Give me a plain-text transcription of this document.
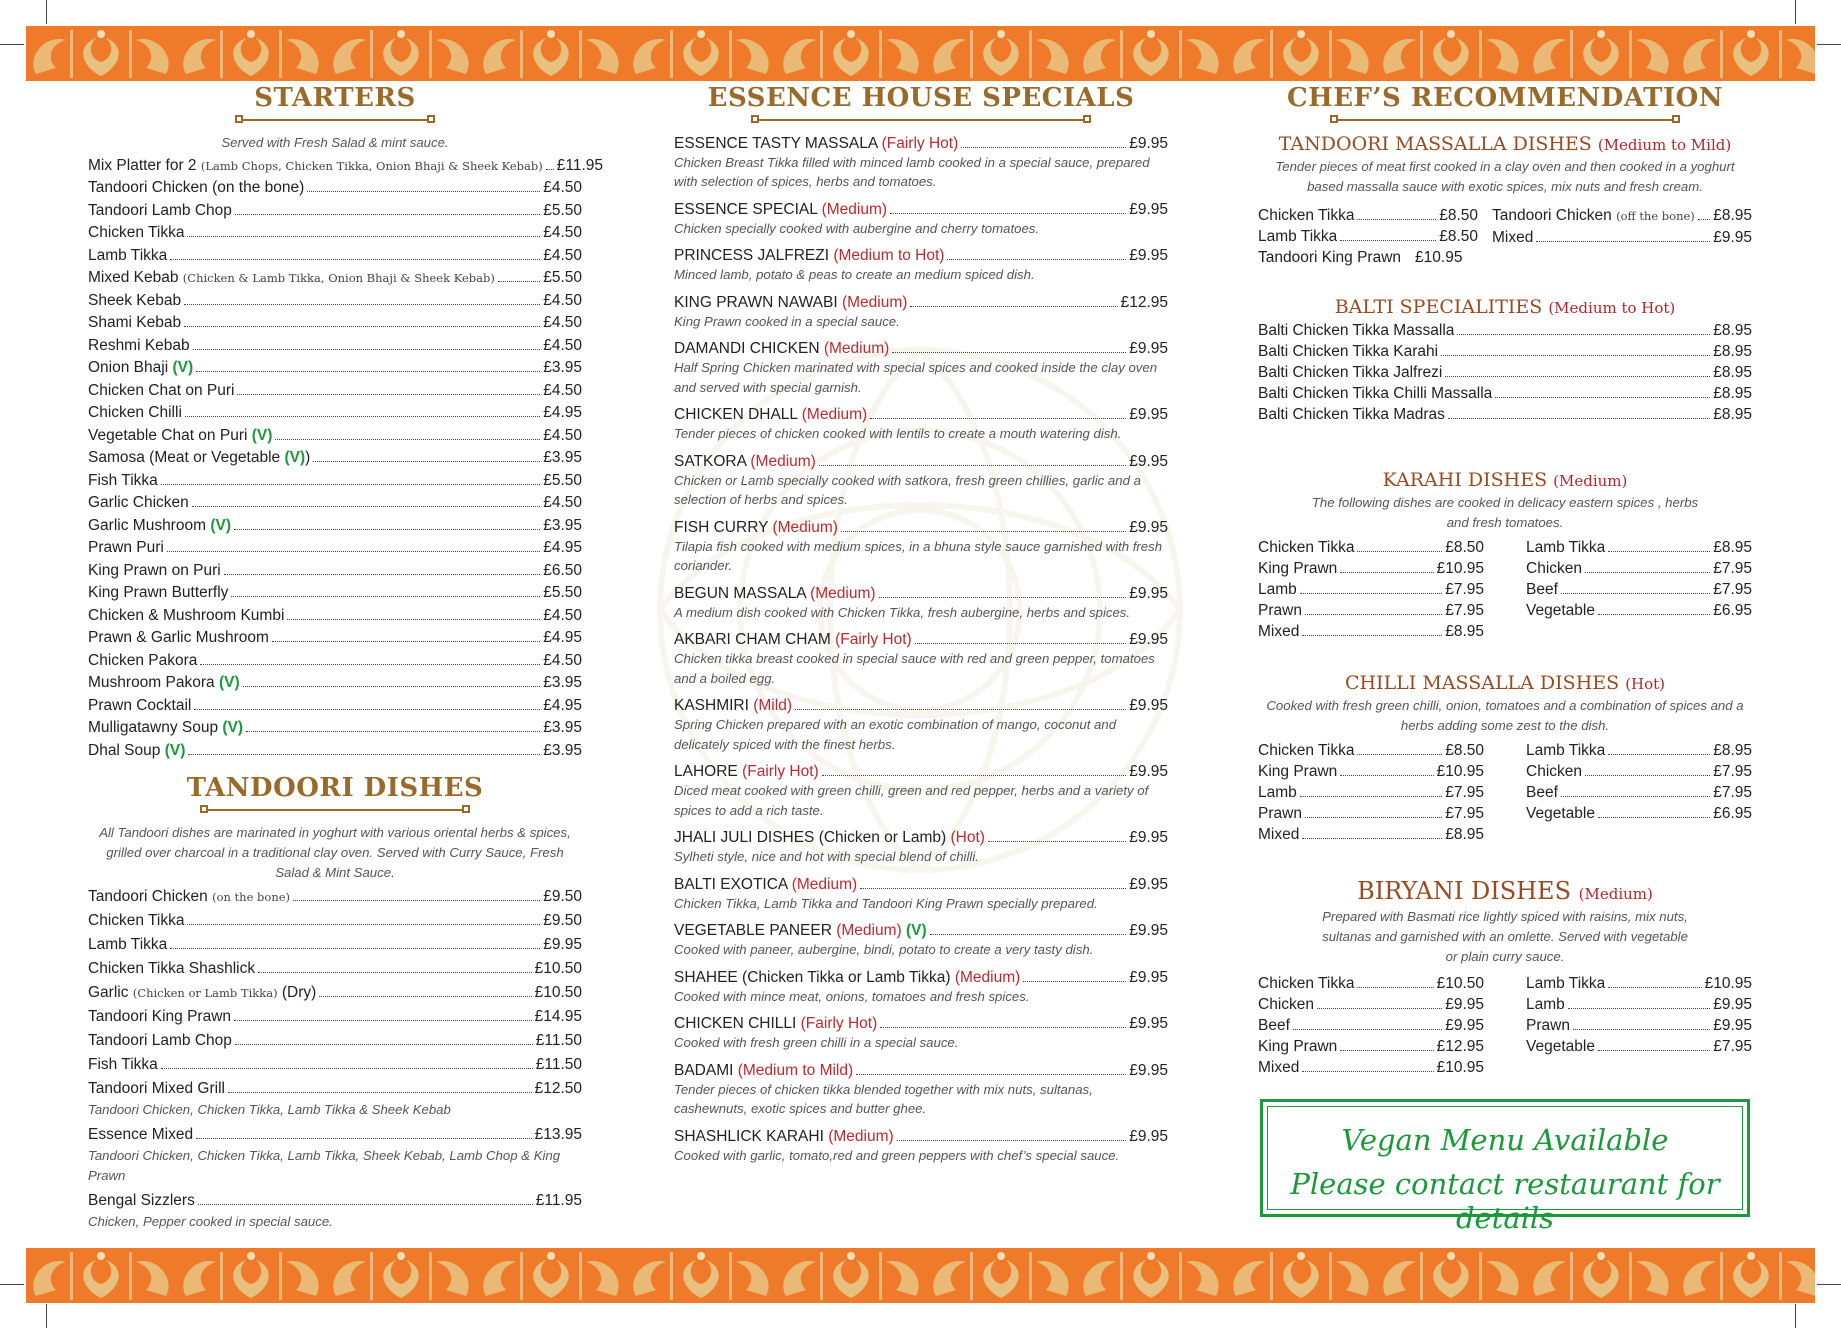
STARTERS
Served with Fresh Salad & mint sauce.
Mix Platter for 2 (Lamb Chops, Chicken Tikka, Onion Bhaji & Sheek Kebab) £11.95
Tandoori Chicken (on the bone)	£4.50
Tandoori Lamb Chop	£5.50
Chicken Tikka	£4.50
Lamb Tikka	£4.50
Mixed Kebab (Chicken & Lamb Tikka, Onion Bhaji & Sheek Kebab)	£5.50
Sheek Kebab	£4.50
Shami Kebab	£4.50
Reshmi Kebab	£4.50
Onion Bhaji (V)	£3.95
Chicken Chat on Puri	£4.50
Chicken Chilli	£4.95
Vegetable Chat on Puri (V)	£4.50
Samosa (Meat or Vegetable (V))	£3.95
Fish Tikka	£5.50
Garlic Chicken	£4.50
Garlic Mushroom (V)	£3.95
Prawn Puri	£4.95
King Prawn on Puri	£6.50
King Prawn Butterfly	£5.50
Chicken & Mushroom Kumbi	£4.50
Prawn & Garlic Mushroom	£4.95
Chicken Pakora	£4.50
Mushroom Pakora (V)	£3.95
Prawn Cocktail	£4.95
Mulligatawny Soup (V)	£3.95
Dhal Soup (V)	£3.95
TANDOORI DISHES
All Tandoori dishes are marinated in yoghurt with various oriental herbs & spices, grilled over charcoal in a traditional clay oven. Served with Curry Sauce, Fresh Salad & Mint Sauce.
Tandoori Chicken (on the bone)	£9.50
Chicken Tikka	£9.50
Lamb Tikka	£9.95
Chicken Tikka Shashlick	£10.50
Garlic (Chicken or Lamb Tikka) (Dry)	£10.50
Tandoori King Prawn	£14.95
Tandoori Lamb Chop	£11.50
Fish Tikka	£11.50
Tandoori Mixed Grill	£12.50
Tandoori Chicken, Chicken Tikka, Lamb Tikka & Sheek Kebab
Essence Mixed	£13.95
Tandoori Chicken, Chicken Tikka, Lamb Tikka, Sheek Kebab, Lamb Chop & King Prawn
Bengal Sizzlers	£11.95
Chicken, Pepper cooked in special sauce.
ESSENCE HOUSE SPECIALS
ESSENCE TASTY MASSALA (Fairly Hot)	£9.95
Chicken Breast Tikka filled with minced lamb cooked in a special sauce, prepared with selection of spices, herbs and tomatoes.
ESSENCE SPECIAL (Medium)	£9.95
Chicken specially cooked with aubergine and cherry tomatoes.
PRINCESS JALFREZI (Medium to Hot)	£9.95
Minced lamb, potato & peas to create an medium spiced dish.
KING PRAWN NAWABI (Medium)	£12.95
King Prawn cooked in a special sauce.
DAMANDI CHICKEN (Medium)	£9.95
Half Spring Chicken marinated with special spices and cooked inside the clay oven and served with special garnish.
CHICKEN DHALL (Medium)	£9.95
Tender pieces of chicken cooked with lentils to create a mouth watering dish.
SATKORA (Medium)	£9.95
Chicken or Lamb specially cooked with satkora, fresh green chillies, garlic and a selection of herbs and spices.
FISH CURRY (Medium)	£9.95
Tilapia fish cooked with medium spices, in a bhuna style sauce garnished with fresh coriander.
BEGUN MASSALA (Medium)	£9.95
A medium dish cooked with Chicken Tikka, fresh aubergine, herbs and spices.
AKBARI CHAM CHAM (Fairly Hot)	£9.95
Chicken tikka breast cooked in special sauce with red and green pepper, tomatoes and a boiled egg.
KASHMIRI (Mild)	£9.95
Spring Chicken prepared with an exotic combination of mango, coconut and delicately spiced with the finest herbs.
LAHORE (Fairly Hot)	£9.95
Diced meat cooked with green chilli, green and red pepper, herbs and a variety of spices to add a rich taste.
JHALI JULI DISHES (Chicken or Lamb) (Hot)	£9.95
Sylheti style, nice and hot with special blend of chilli.
BALTI EXOTICA (Medium)	£9.95
Chicken Tikka, Lamb Tikka and Tandoori King Prawn specially prepared.
VEGETABLE PANEER (Medium) (V)	£9.95
Cooked with paneer, aubergine, bindi, potato to create a very tasty dish.
SHAHEE (Chicken Tikka or Lamb Tikka) (Medium)	£9.95
Cooked with mince meat, onions, tomatoes and fresh spices.
CHICKEN CHILLI (Fairly Hot)	£9.95
Cooked with fresh green chilli in a special sauce.
BADAMI (Medium to Mild)	£9.95
Tender pieces of chicken tikka blended together with mix nuts, sultanas, cashewnuts, exotic spices and butter ghee.
SHASHLICK KARAHI (Medium)	£9.95
Cooked with garlic, tomato,red and green peppers with chef’s special sauce.
CHEF’S RECOMMENDATION
TANDOORI MASSALLA DISHES (Medium to Mild)
Tender pieces of meat first cooked in a clay oven and then cooked in a yoghurt based massalla sauce with exotic spices, mix nuts and fresh cream.
Chicken Tikka	£8.50
Lamb Tikka	£8.50
Tandoori King Prawn £10.95
Tandoori Chicken (off the bone) £8.95
Mixed	£9.95
BALTI SPECIALITIES (Medium to Hot)
Balti Chicken Tikka Massalla	£8.95
Balti Chicken Tikka Karahi	£8.95
Balti Chicken Tikka Jalfrezi	£8.95
Balti Chicken Tikka Chilli Massalla	£8.95
Balti Chicken Tikka Madras	£8.95
KARAHI DISHES (Medium)
The following dishes are cooked in delicacy eastern spices , herbs and fresh tomatoes.
Chicken Tikka	£8.50
King Prawn	£10.95
Lamb	£7.95
Prawn	£7.95
Mixed	£8.95
Lamb Tikka	£8.95
Chicken	£7.95
Beef	£7.95
Vegetable	£6.95
CHILLI MASSALLA DISHES (Hot)
Cooked with fresh green chilli, onion, tomatoes and a combination of spices and a herbs adding some zest to the dish.
Chicken Tikka	£8.50
King Prawn	£10.95
Lamb	£7.95
Prawn	£7.95
Mixed	£8.95
Lamb Tikka	£8.95
Chicken	£7.95
Beef	£7.95
Vegetable	£6.95
BIRYANI DISHES (Medium)
Prepared with Basmati rice lightly spiced with raisins, mix nuts, sultanas and garnished with an omlette. Served with vegetable or plain curry sauce.
Chicken Tikka	£10.50
Chicken	£9.95
Beef	£9.95
King Prawn	£12.95
Mixed	£10.95
Lamb Tikka	£10.95
Lamb	£9.95
Prawn	£9.95
Vegetable	£7.95
Vegan Menu Available
Please contact restaurant for details
